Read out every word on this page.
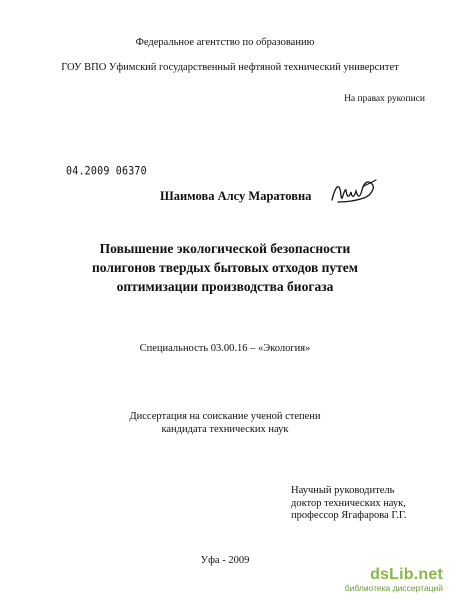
Федеральное агентство по образованию
ГОУ ВПО Уфимский государственный нефтяной технический университет
На правах рукописи
04.2009 06370
Шаимова Алсу Маратовна
Повышение экологической безопасности
полигонов твердых бытовых отходов путем
оптимизации производства биогаза
Специальность 03.00.16 – «Экология»
Диссертация на соискание ученой степени
кандидата технических наук
Научный руководитель
доктор технических наук,
профессор Ягафарова Г.Г.
Уфа - 2009
dsLib.net
библиотека диссертаций
